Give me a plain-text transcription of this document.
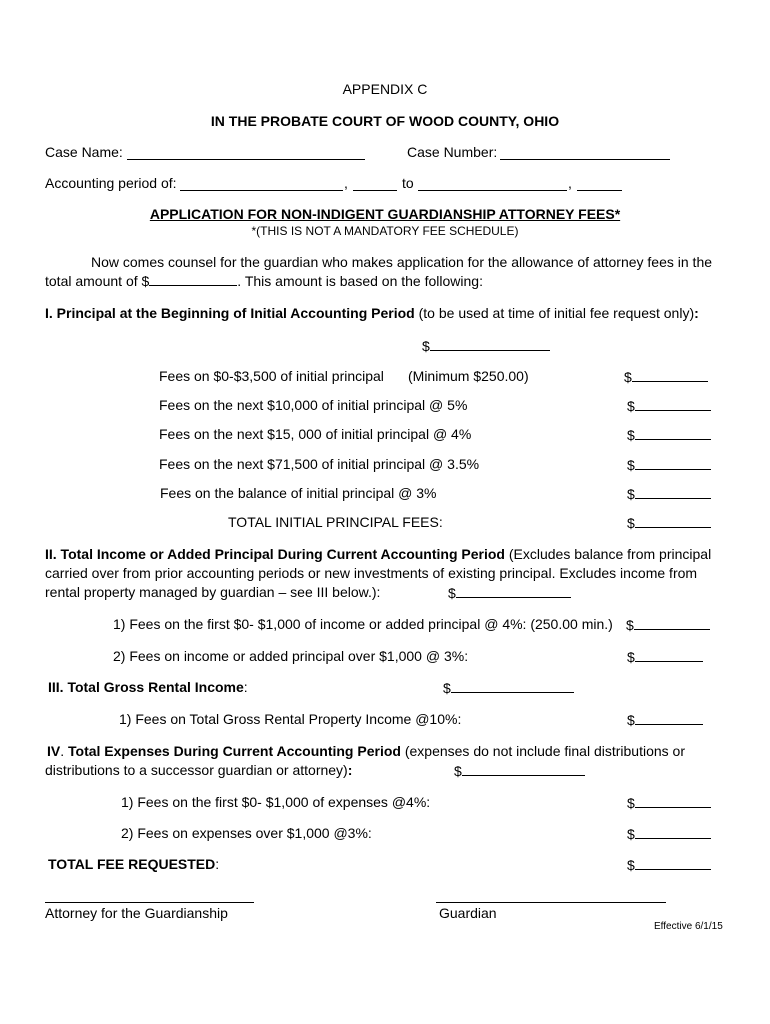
APPENDIX C
IN THE PROBATE COURT OF WOOD COUNTY, OHIO
Case Name:	Case Number:
Accounting period of:	,	to	,
APPLICATION FOR NON-INDIGENT GUARDIANSHIP ATTORNEY FEES*
*(THIS IS NOT A MANDATORY FEE SCHEDULE)
Now comes counsel for the guardian who makes application for the allowance of attorney fees in the
total amount of $	. This amount is based on the following:
I. Principal at the Beginning of Initial Accounting Period (to be used at time of initial fee request only):
$
Fees on $0-$3,500 of initial principal (Minimum $250.00)	$
Fees on the next $10,000 of initial principal @ 5%	$
Fees on the next $15, 000 of initial principal @ 4%	$
Fees on the next $71,500 of initial principal @ 3.5%	$
Fees on the balance of initial principal @ 3%	$
TOTAL INITIAL PRINCIPAL FEES:	$
II. Total Income or Added Principal During Current Accounting Period (Excludes balance from principal
carried over from prior accounting periods or new investments of existing principal. Excludes income from
rental property managed by guardian – see III below.):	$
1) Fees on the first $0- $1,000 of income or added principal @ 4%: (250.00 min.) $
2) Fees on income or added principal over $1,000 @ 3%:	$
III. Total Gross Rental Income:	$
1) Fees on Total Gross Rental Property Income @10%:	$
IV. Total Expenses During Current Accounting Period (expenses do not include final distributions or
distributions to a successor guardian or attorney):	$
1) Fees on the first $0- $1,000 of expenses @4%:	$
2) Fees on expenses over $1,000 @3%:	$
TOTAL FEE REQUESTED:	$
Attorney for the Guardianship	Guardian
Effective 6/1/15
